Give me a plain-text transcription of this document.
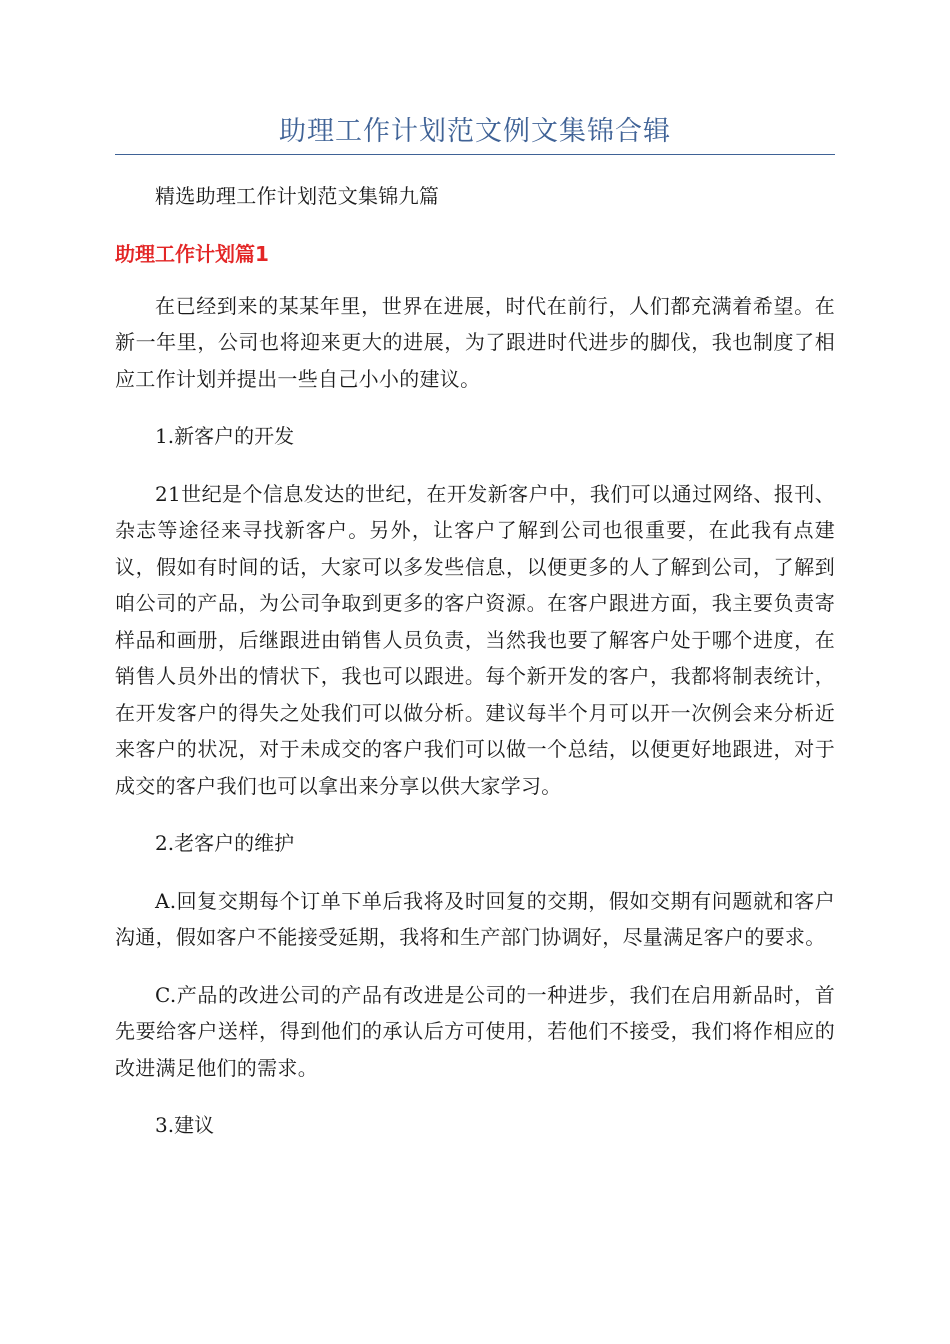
助理工作计划范文例文集锦合辑

精选助理工作计划范文集锦九篇

助理工作计划篇1

在已经到来的某某年里，世界在进展，时代在前行，人们都充满着希望。在新一年里，公司也将迎来更大的进展，为了跟进时代进步的脚伐，我也制度了相应工作计划并提出一些自己小小的建议。

1.新客户的开发

21世纪是个信息发达的世纪，在开发新客户中，我们可以通过网络、报刊、杂志等途径来寻找新客户。另外，让客户了解到公司也很重要，在此我有点建议，假如有时间的话，大家可以多发些信息，以便更多的人了解到公司，了解到咱公司的产品，为公司争取到更多的客户资源。在客户跟进方面，我主要负责寄样品和画册，后继跟进由销售人员负责，当然我也要了解客户处于哪个进度，在销售人员外出的情状下，我也可以跟进。每个新开发的客户，我都将制表统计，在开发客户的得失之处我们可以做分析。建议每半个月可以开一次例会来分析近来客户的状况，对于未成交的客户我们可以做一个总结，以便更好地跟进，对于成交的客户我们也可以拿出来分享以供大家学习。

2.老客户的维护

A.回复交期每个订单下单后我将及时回复的交期，假如交期有问题就和客户沟通，假如客户不能接受延期，我将和生产部门协调好，尽量满足客户的要求。

C.产品的改进公司的产品有改进是公司的一种进步，我们在启用新品时，首先要给客户送样，得到他们的承认后方可使用，若他们不接受，我们将作相应的改进满足他们的需求。

3.建议
